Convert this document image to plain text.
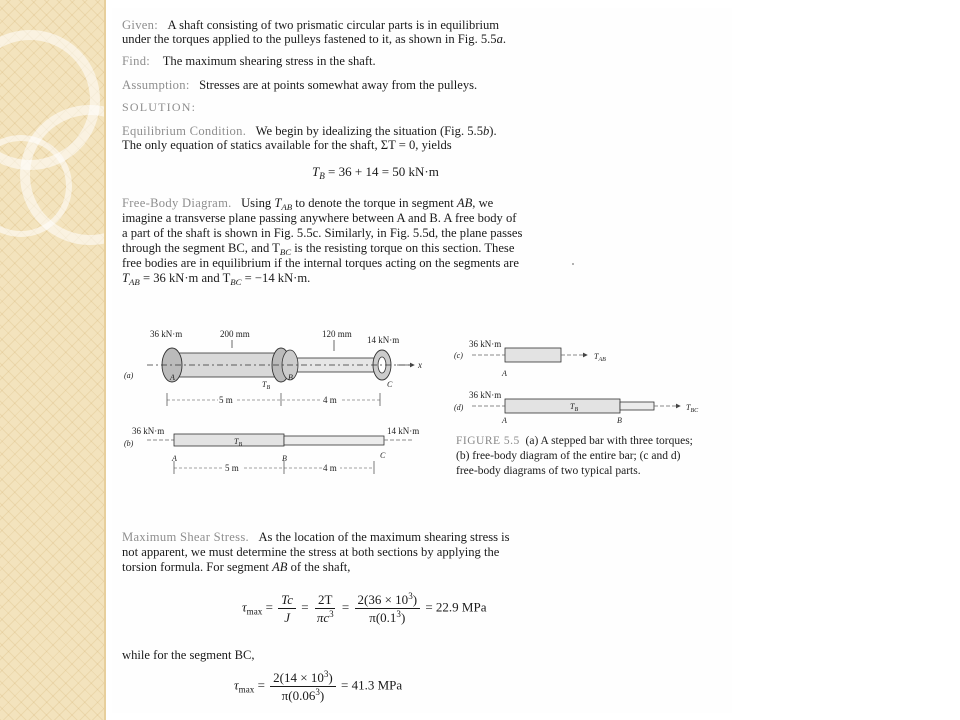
Given: A shaft consisting of two prismatic circular parts is in equilibrium
under the torques applied to the pulleys fastened to it, as shown in Fig. 5.5a.
Find: The maximum shearing stress in the shaft.
Assumption: Stresses are at points somewhat away from the pulleys.
SOLUTION:
Equilibrium Condition. We begin by idealizing the situation (Fig. 5.5b).
The only equation of statics available for the shaft, ΣT = 0, yields
$T_B = 36 + 14 = 50$ kN·m
Free-Body Diagram. Using $T_{AB}$ to denote the torque in segment AB, we
imagine a transverse plane passing anywhere between A and B. A free body of
a part of the shaft is shown in Fig. 5.5c. Similarly, in Fig. 5.5d, the plane passes
through the segment BC, and $T_{BC}$ is the resisting torque on this section. These
free bodies are in equilibrium if the internal torques acting on the segments are
$T_{AB} = 36$ kN·m and $T_{BC} = -14$ kN·m.
36 kN·m	200 mm	120 mm
14 kN·m
x
(a)	A	B
C
$T_B$
5 m	4 m
36 kN·m	14 kN·m
(b)	$T_B$
A	B	C
5 m	4 m
36 kN·m
(c)	$T_{AB}$
A
36 kN·m
(d)	$T_{BC}$
$T_B$
A	B
FIGURE 5.5 (a) A stepped bar with three torques;
(b) free-body diagram of the entire bar; (c and d)
free-body diagrams of two typical parts.
Maximum Shear Stress. As the location of the maximum shearing stress is
not apparent, we must determine the stress at both sections by applying the
torsion formula. For segment AB of the shaft,
$\tau_{max} = \frac{Tc}{J} = \frac{2T}{\pi c^3} = \frac{2(36 \times 10^3)}{\pi(0.1^3)} = 22.9$ MPa
while for the segment BC,
$\tau_{max} = \frac{2(14 \times 10^3)}{\pi(0.06^3)} = 41.3$ MPa
